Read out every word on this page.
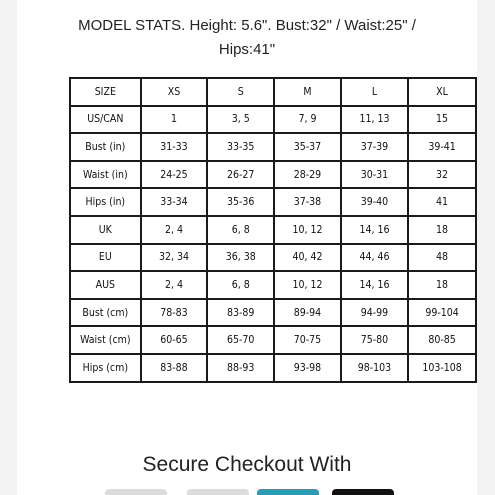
MODEL STATS. Height: 5.6". Bust:32" / Waist:25" /
Hips:41"
SIZE	XS	S	M	L	XL
US/CAN	1	3, 5	7, 9	11, 13	15
Bust (in)	31-33	33-35	35-37	37-39	39-41
Waist (in)	24-25	26-27	28-29	30-31	32
Hips (in)	33-34	35-36	37-38	39-40	41
UK	2, 4	6, 8	10, 12	14, 16	18
EU	32, 34	36, 38	40, 42	44, 46	48
AUS	2, 4	6, 8	10, 12	14, 16	18
Bust (cm)	78-83	83-89	89-94	94-99	99-104
Waist (cm)	60-65	65-70	70-75	75-80	80-85
Hips (cm)	83-88	88-93	93-98	98-103	103-108
Secure Checkout With
